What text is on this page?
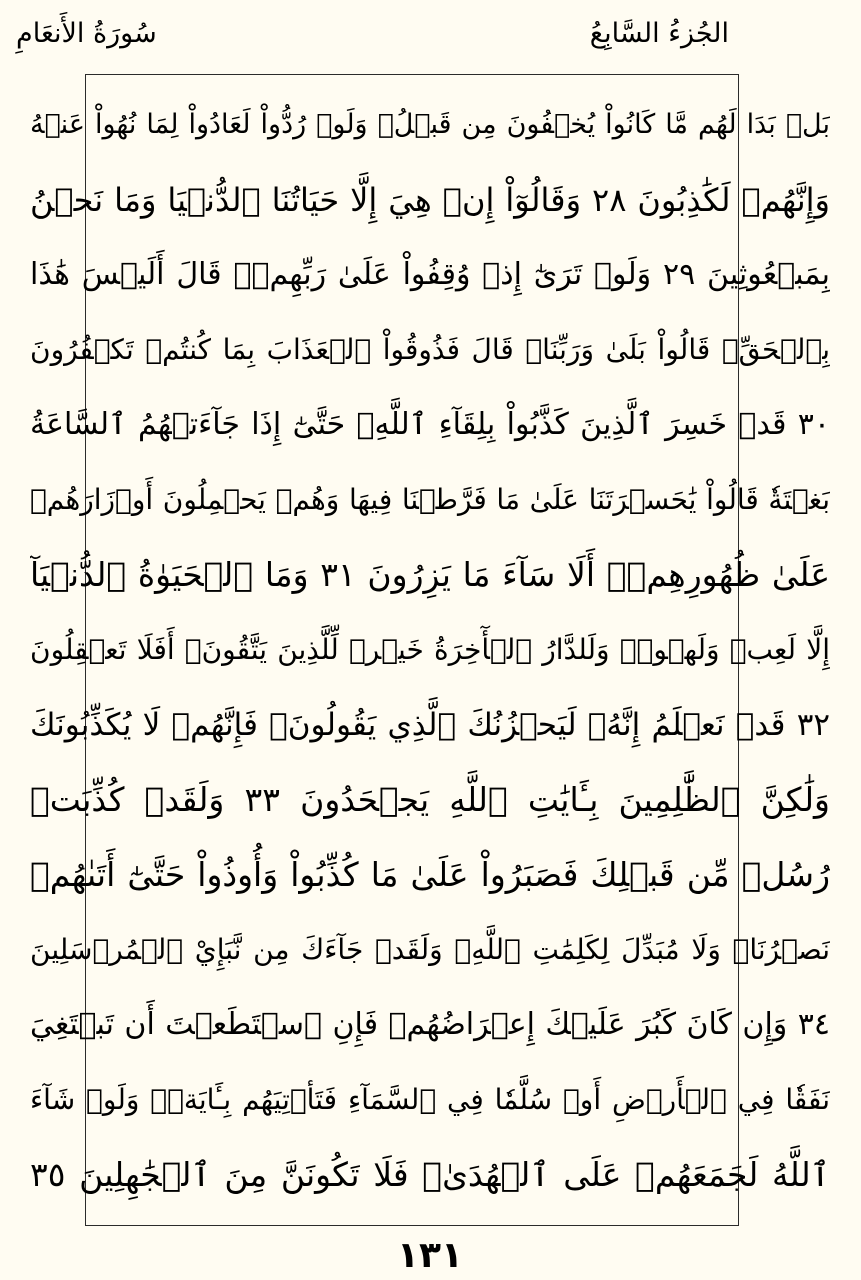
الجُزءُ السَّابِعُ
سُورَةُ الأَنعَامِ
بَلۡ بَدَا لَهُم مَّا كَانُواْ يُخۡفُونَ مِن قَبۡلُۖ وَلَوۡ رُدُّواْ لَعَادُواْ لِمَا نُهُواْ عَنۡهُ
وَإِنَّهُمۡ لَكَٰذِبُونَ ٢٨ وَقَالُوٓاْ إِنۡ هِيَ إِلَّا حَيَاتُنَا ٱلدُّنۡيَا وَمَا نَحۡنُ
بِمَبۡعُوثِينَ ٢٩ وَلَوۡ تَرَىٰٓ إِذۡ وُقِفُواْ عَلَىٰ رَبِّهِمۡۚ قَالَ أَلَيۡسَ هَٰذَا
بِٱلۡحَقِّۚ قَالُواْ بَلَىٰ وَرَبِّنَاۚ قَالَ فَذُوقُواْ ٱلۡعَذَابَ بِمَا كُنتُمۡ تَكۡفُرُونَ
٣٠ قَدۡ خَسِرَ ٱلَّذِينَ كَذَّبُواْ بِلِقَآءِ ٱللَّهِۖ حَتَّىٰٓ إِذَا جَآءَتۡهُمُ ٱلسَّاعَةُ
بَغۡتَةٗ قَالُواْ يَٰحَسۡرَتَنَا عَلَىٰ مَا فَرَّطۡنَا فِيهَا وَهُمۡ يَحۡمِلُونَ أَوۡزَارَهُمۡ
عَلَىٰ ظُهُورِهِمۡۚ أَلَا سَآءَ مَا يَزِرُونَ ٣١ وَمَا ٱلۡحَيَوٰةُ ٱلدُّنۡيَآ
إِلَّا لَعِبٞ وَلَهۡوٞۖ وَلَلدَّارُ ٱلۡأٓخِرَةُ خَيۡرٞ لِّلَّذِينَ يَتَّقُونَۚ أَفَلَا تَعۡقِلُونَ
٣٢ قَدۡ نَعۡلَمُ إِنَّهُۥ لَيَحۡزُنُكَ ٱلَّذِي يَقُولُونَۖ فَإِنَّهُمۡ لَا يُكَذِّبُونَكَ
وَلَٰكِنَّ ٱلظَّٰلِمِينَ بِـَٔايَٰتِ ٱللَّهِ يَجۡحَدُونَ ٣٣ وَلَقَدۡ كُذِّبَتۡ
رُسُلٞ مِّن قَبۡلِكَ فَصَبَرُواْ عَلَىٰ مَا كُذِّبُواْ وَأُوذُواْ حَتَّىٰٓ أَتَىٰهُمۡ
نَصۡرُنَاۚ وَلَا مُبَدِّلَ لِكَلِمَٰتِ ٱللَّهِۚ وَلَقَدۡ جَآءَكَ مِن نَّبَإِيْ ٱلۡمُرۡسَلِينَ
٣٤ وَإِن كَانَ كَبُرَ عَلَيۡكَ إِعۡرَاضُهُمۡ فَإِنِ ٱسۡتَطَعۡتَ أَن تَبۡتَغِيَ
نَفَقٗا فِي ٱلۡأَرۡضِ أَوۡ سُلَّمٗا فِي ٱلسَّمَآءِ فَتَأۡتِيَهُم بِـَٔايَةٖۚ وَلَوۡ شَآءَ
ٱللَّهُ لَجَمَعَهُمۡ عَلَى ٱلۡهُدَىٰۚ فَلَا تَكُونَنَّ مِنَ ٱلۡجَٰهِلِينَ ٣٥
١٣١
